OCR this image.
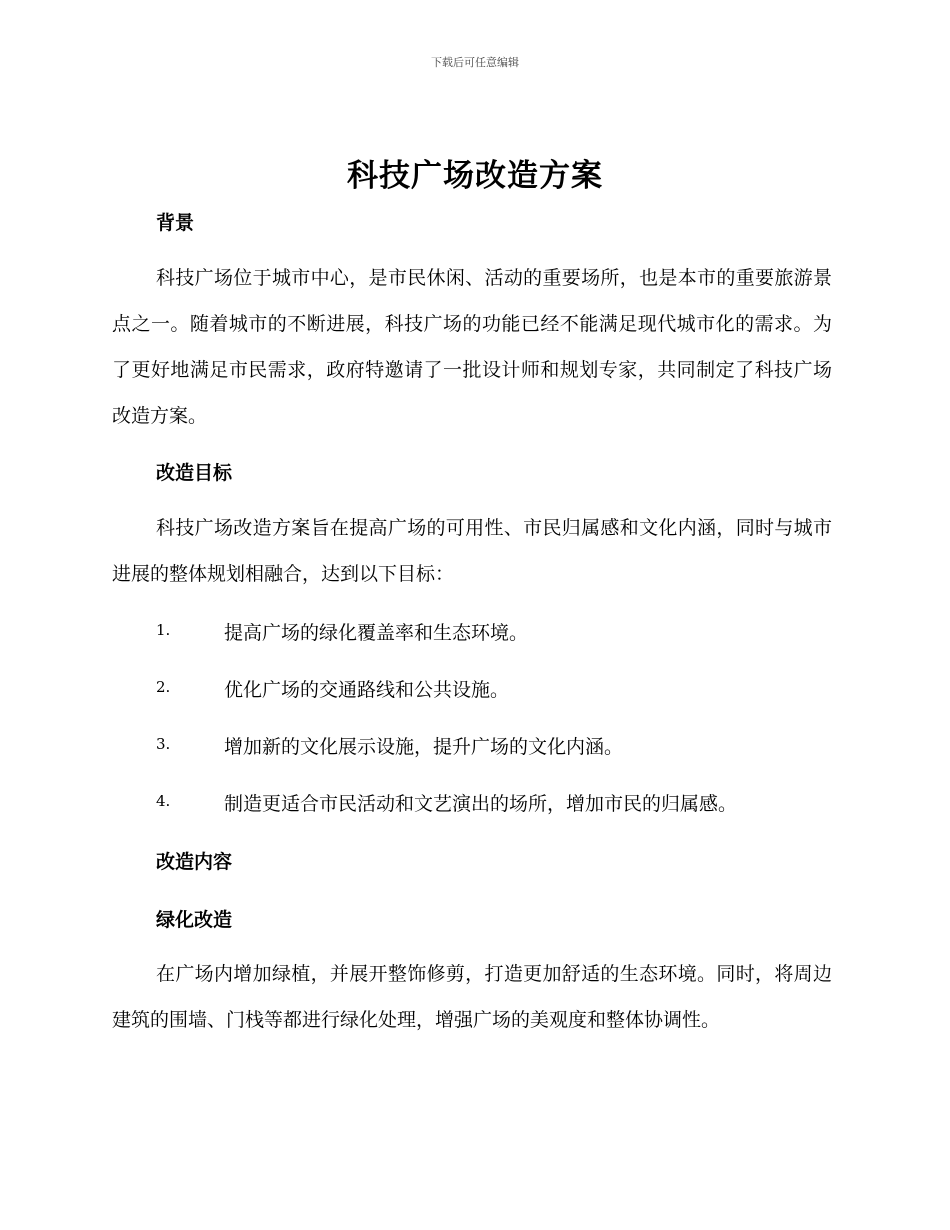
下载后可任意编辑
科技广场改造方案
背景

科技广场位于城市中心，是市民休闲、活动的重要场所，也是本市的重要旅游景点之一。随着城市的不断进展，科技广场的功能已经不能满足现代城市化的需求。为了更好地满足市民需求，政府特邀请了一批设计师和规划专家，共同制定了科技广场改造方案。

改造目标

科技广场改造方案旨在提高广场的可用性、市民归属感和文化内涵，同时与城市进展的整体规划相融合，达到以下目标：

1.	提高广场的绿化覆盖率和生态环境。
2.	优化广场的交通路线和公共设施。
3.	增加新的文化展示设施，提升广场的文化内涵。
4.	制造更适合市民活动和文艺演出的场所，增加市民的归属感。
改造内容
绿化改造

在广场内增加绿植，并展开整饰修剪，打造更加舒适的生态环境。同时，将周边建筑的围墙、门栈等都进行绿化处理，增强广场的美观度和整体协调性。
